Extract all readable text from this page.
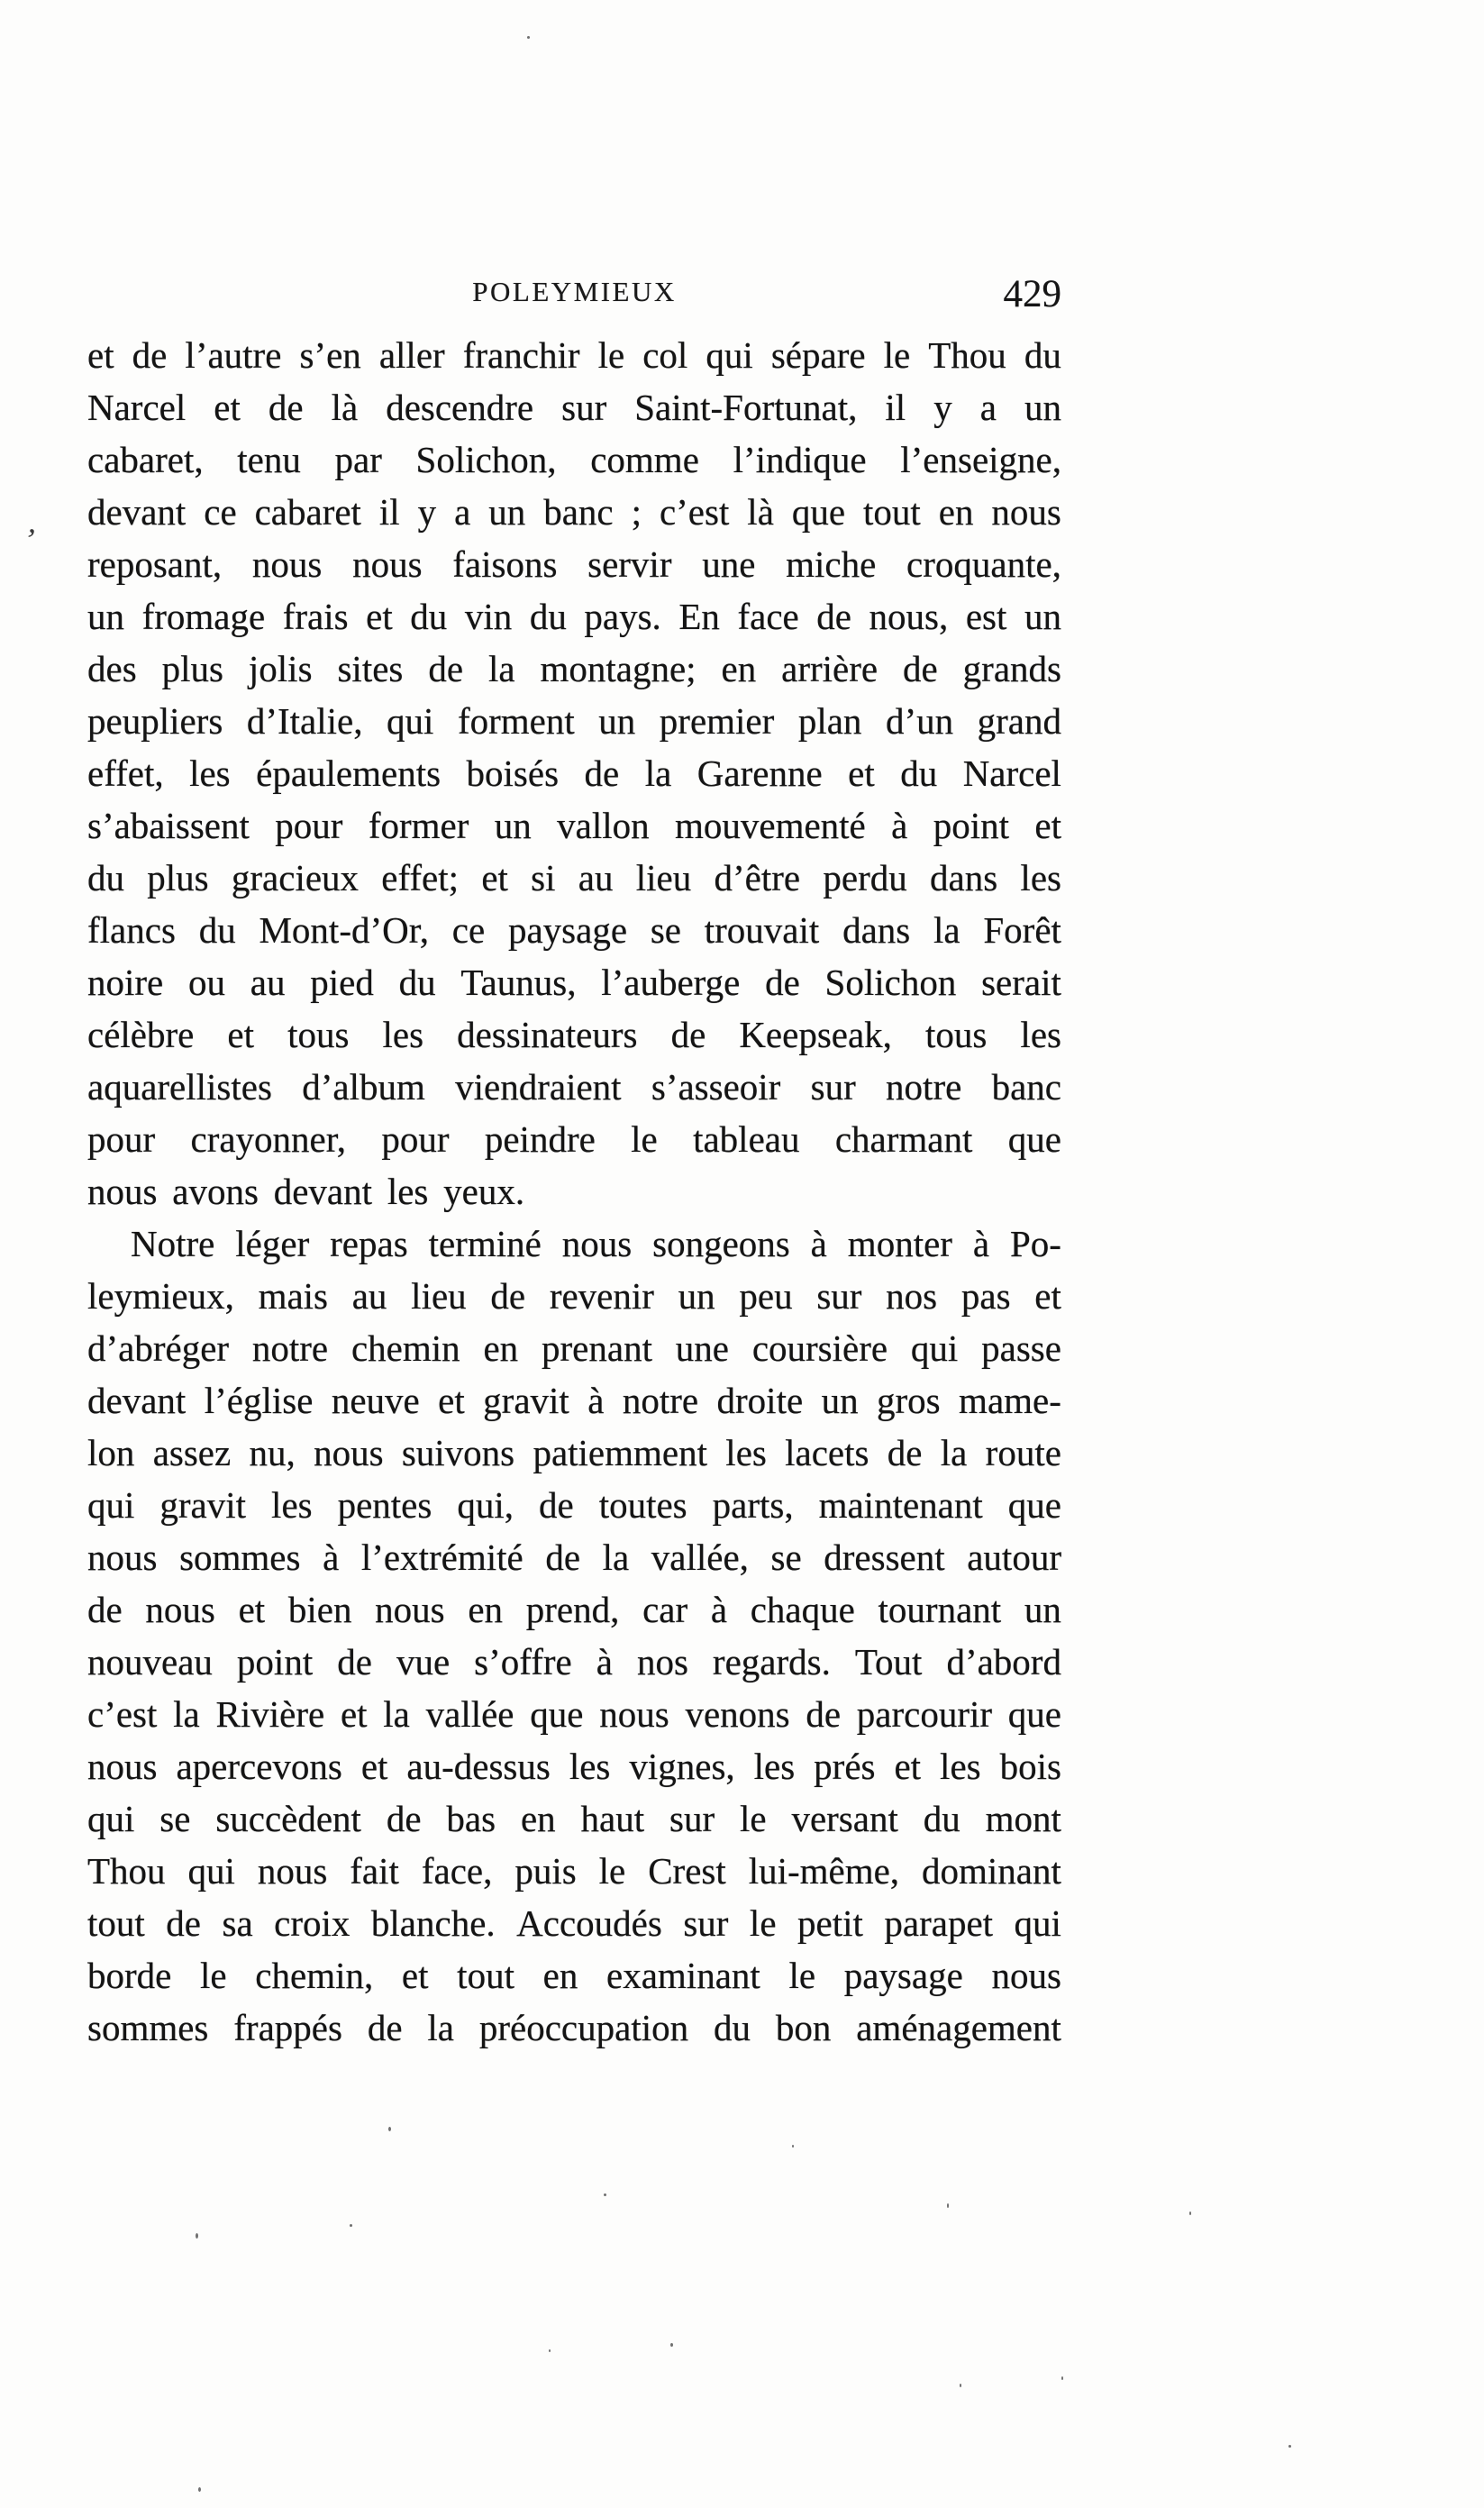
POLEYMIEUX	429
et de l’autre s’en aller franchir le col qui sépare le Thou du
Narcel et de là descendre sur Saint-Fortunat, il y a un
cabaret, tenu par Solichon, comme l’indique l’enseigne,
devant ce cabaret il y a un banc ; c’est là que tout en nous
reposant, nous nous faisons servir une miche croquante,
un fromage frais et du vin du pays. En face de nous, est un
des plus jolis sites de la montagne; en arrière de grands
peupliers d’Italie, qui forment un premier plan d’un grand
effet, les épaulements boisés de la Garenne et du Narcel
s’abaissent pour former un vallon mouvementé à point et
du plus gracieux effet; et si au lieu d’être perdu dans les
flancs du Mont-d’Or, ce paysage se trouvait dans la Forêt
noire ou au pied du Taunus, l’auberge de Solichon serait
célèbre et tous les dessinateurs de Keepseak, tous les
aquarellistes d’album viendraient s’asseoir sur notre banc
pour crayonner, pour peindre le tableau charmant que
nous avons devant les yeux.
Notre léger repas terminé nous songeons à monter à Po-
leymieux, mais au lieu de revenir un peu sur nos pas et
d’abréger notre chemin en prenant une coursière qui passe
devant l’église neuve et gravit à notre droite un gros mame-
lon assez nu, nous suivons patiemment les lacets de la route
qui gravit les pentes qui, de toutes parts, maintenant que
nous sommes à l’extrémité de la vallée, se dressent autour
de nous et bien nous en prend, car à chaque tournant un
nouveau point de vue s’offre à nos regards. Tout d’abord
c’est la Rivière et la vallée que nous venons de parcourir que
nous apercevons et au-dessus les vignes, les prés et les bois
qui se succèdent de bas en haut sur le versant du mont
Thou qui nous fait face, puis le Crest lui-même, dominant
tout de sa croix blanche. Accoudés sur le petit parapet qui
borde le chemin, et tout en examinant le paysage nous
sommes frappés de la préoccupation du bon aménagement
’
